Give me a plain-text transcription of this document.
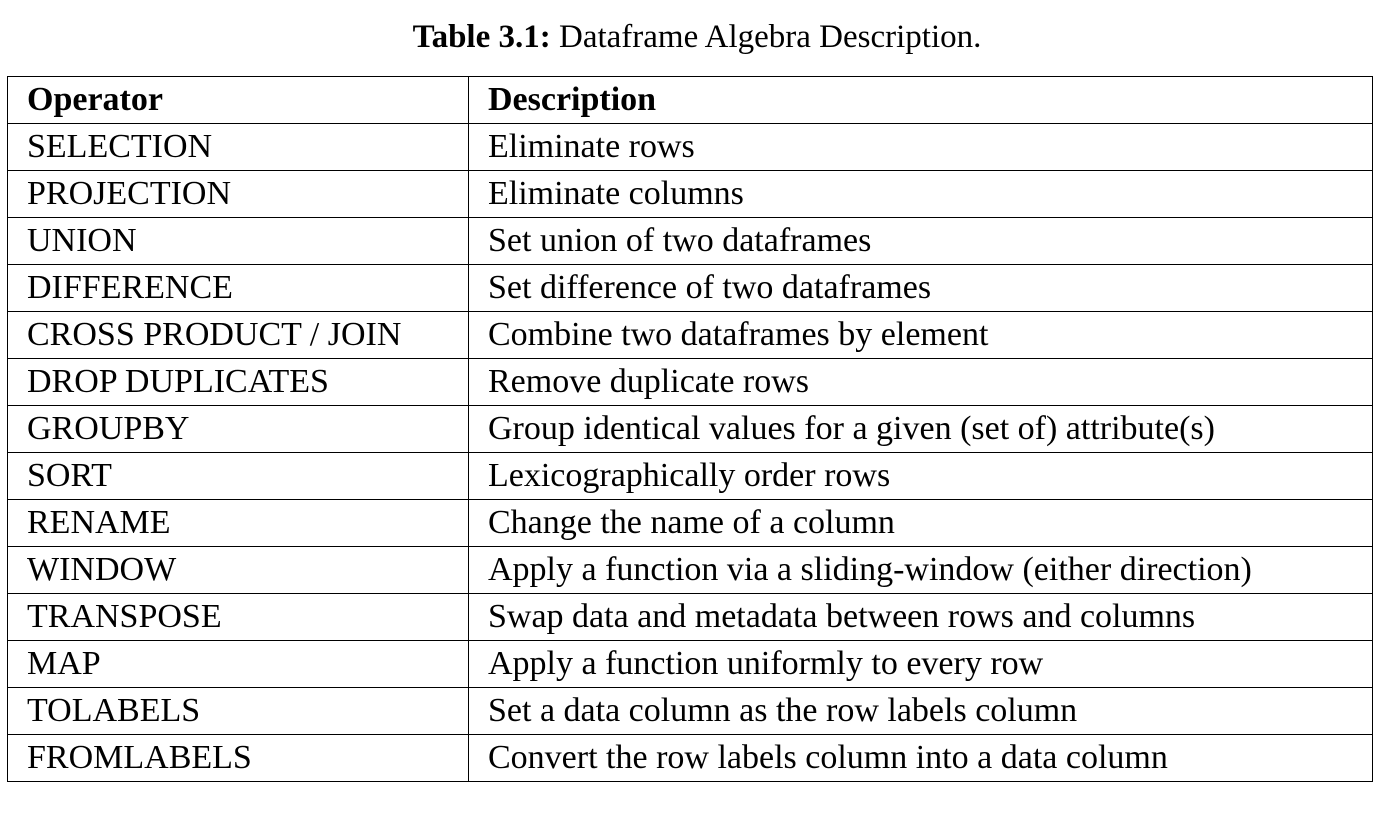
Table 3.1: Dataframe Algebra Description.
Operator	Description
SELECTION	Eliminate rows
PROJECTION	Eliminate columns
UNION	Set union of two dataframes
DIFFERENCE	Set difference of two dataframes
CROSS PRODUCT / JOIN	Combine two dataframes by element
DROP DUPLICATES	Remove duplicate rows
GROUPBY	Group identical values for a given (set of) attribute(s)
SORT	Lexicographically order rows
RENAME	Change the name of a column
WINDOW	Apply a function via a sliding-window (either direction)
TRANSPOSE	Swap data and metadata between rows and columns
MAP	Apply a function uniformly to every row
TOLABELS	Set a data column as the row labels column
FROMLABELS	Convert the row labels column into a data column
